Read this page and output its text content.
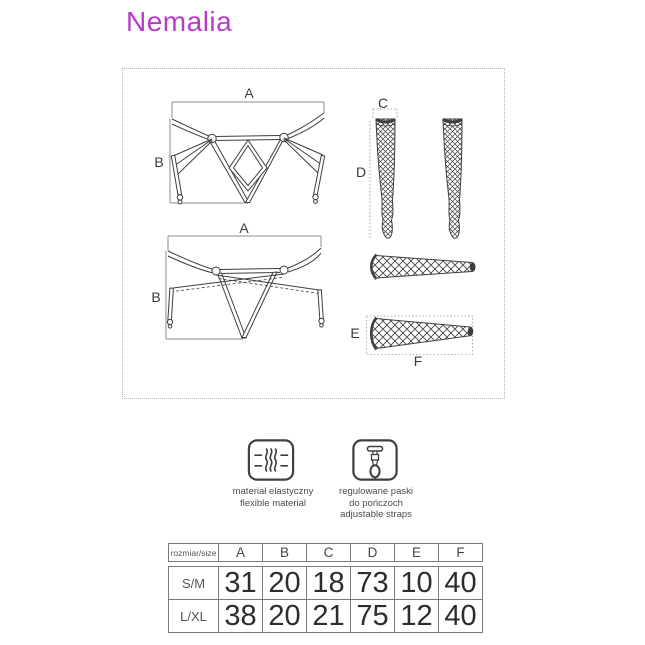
Nemalia
A
B
A
B
C
D
E
F
materiał elastyczny
flexible material
regulowane paski
do pończoch
adjustable straps
rozmiar/size	A	B	C	D	E	F
S/M 31 20 18 73 10 40
L/XL 38 20 21 75 12 40
